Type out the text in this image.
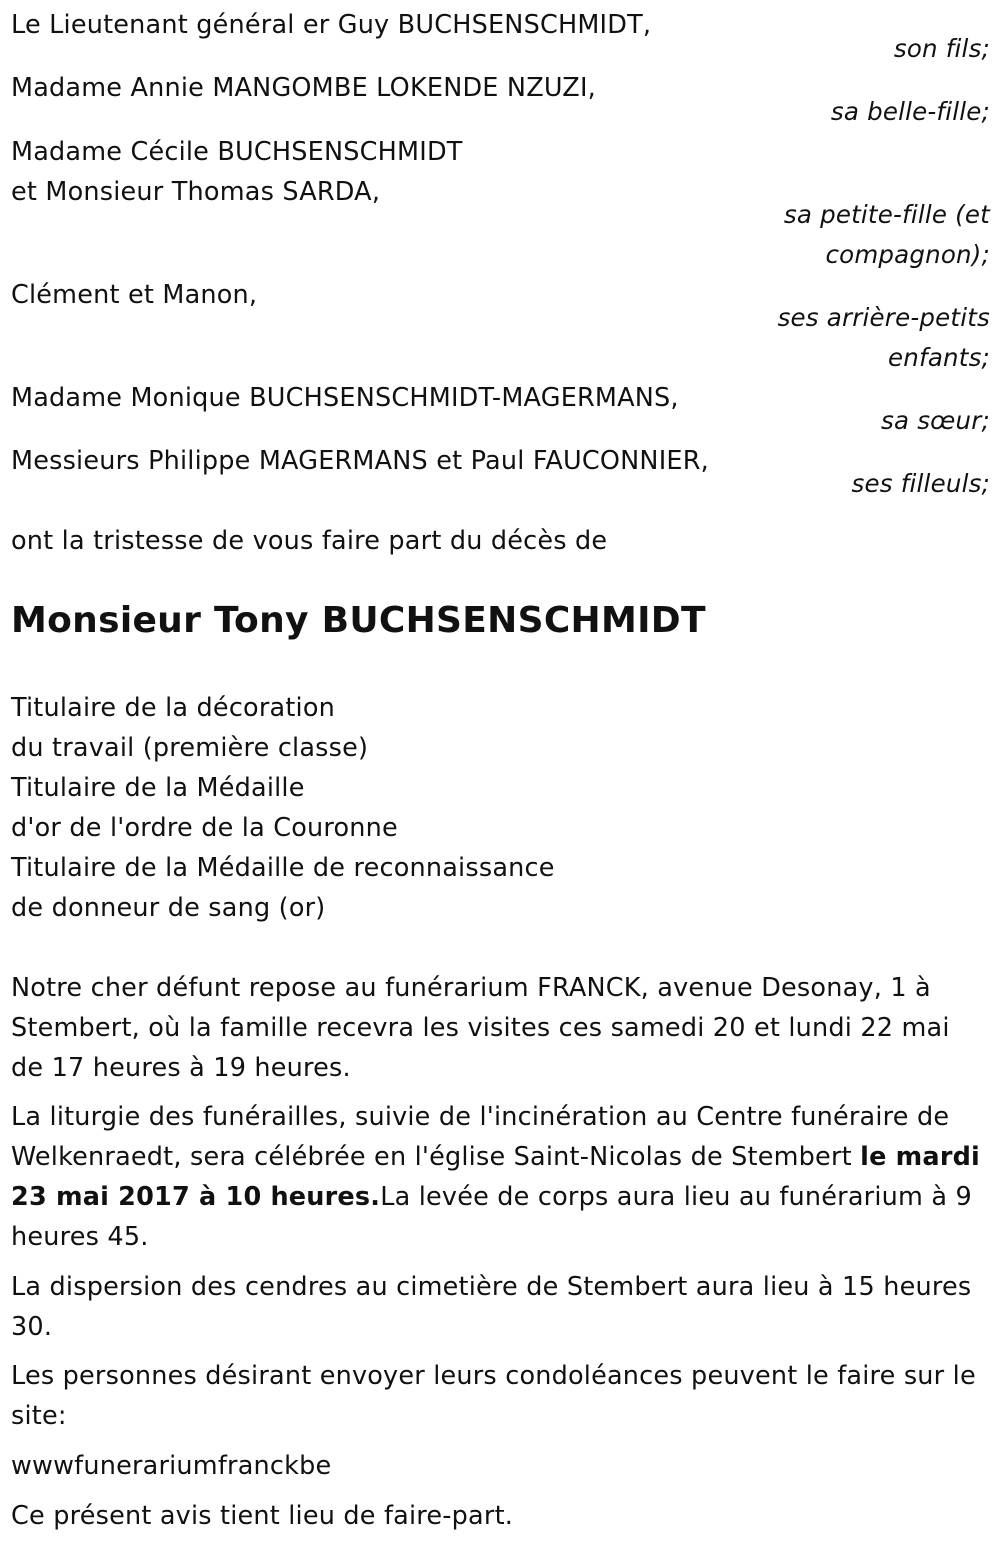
Le Lieutenant général er Guy BUCHSENSCHMIDT,
son fils;
Madame Annie MANGOMBE LOKENDE NZUZI,
sa belle-fille;
Madame Cécile BUCHSENSCHMIDT
et Monsieur Thomas SARDA,
sa petite-fille (et
compagnon);
Clément et Manon,
ses arrière-petits
enfants;
Madame Monique BUCHSENSCHMIDT-MAGERMANS,
sa sœur;
Messieurs Philippe MAGERMANS et Paul FAUCONNIER,
ses filleuls;
ont la tristesse de vous faire part du décès de
Monsieur Tony BUCHSENSCHMIDT
Titulaire de la décoration
du travail (première classe)
Titulaire de la Médaille
d'or de l'ordre de la Couronne
Titulaire de la Médaille de reconnaissance
de donneur de sang (or)
Notre cher défunt repose au funérarium FRANCK, avenue Desonay, 1 à Stembert, où la famille recevra les visites ces samedi 20 et lundi 22 mai de 17 heures à 19 heures.
La liturgie des funérailles, suivie de l'incinération au Centre funéraire de Welkenraedt, sera célébrée en l'église Saint-Nicolas de Stembert le mardi 23 mai 2017 à 10 heures.La levée de corps aura lieu au funérarium à 9 heures 45.
La dispersion des cendres au cimetière de Stembert aura lieu à 15 heures 30.
Les personnes désirant envoyer leurs condoléances peuvent le faire sur le site:
wwwfunerariumfranckbe
Ce présent avis tient lieu de faire-part.
